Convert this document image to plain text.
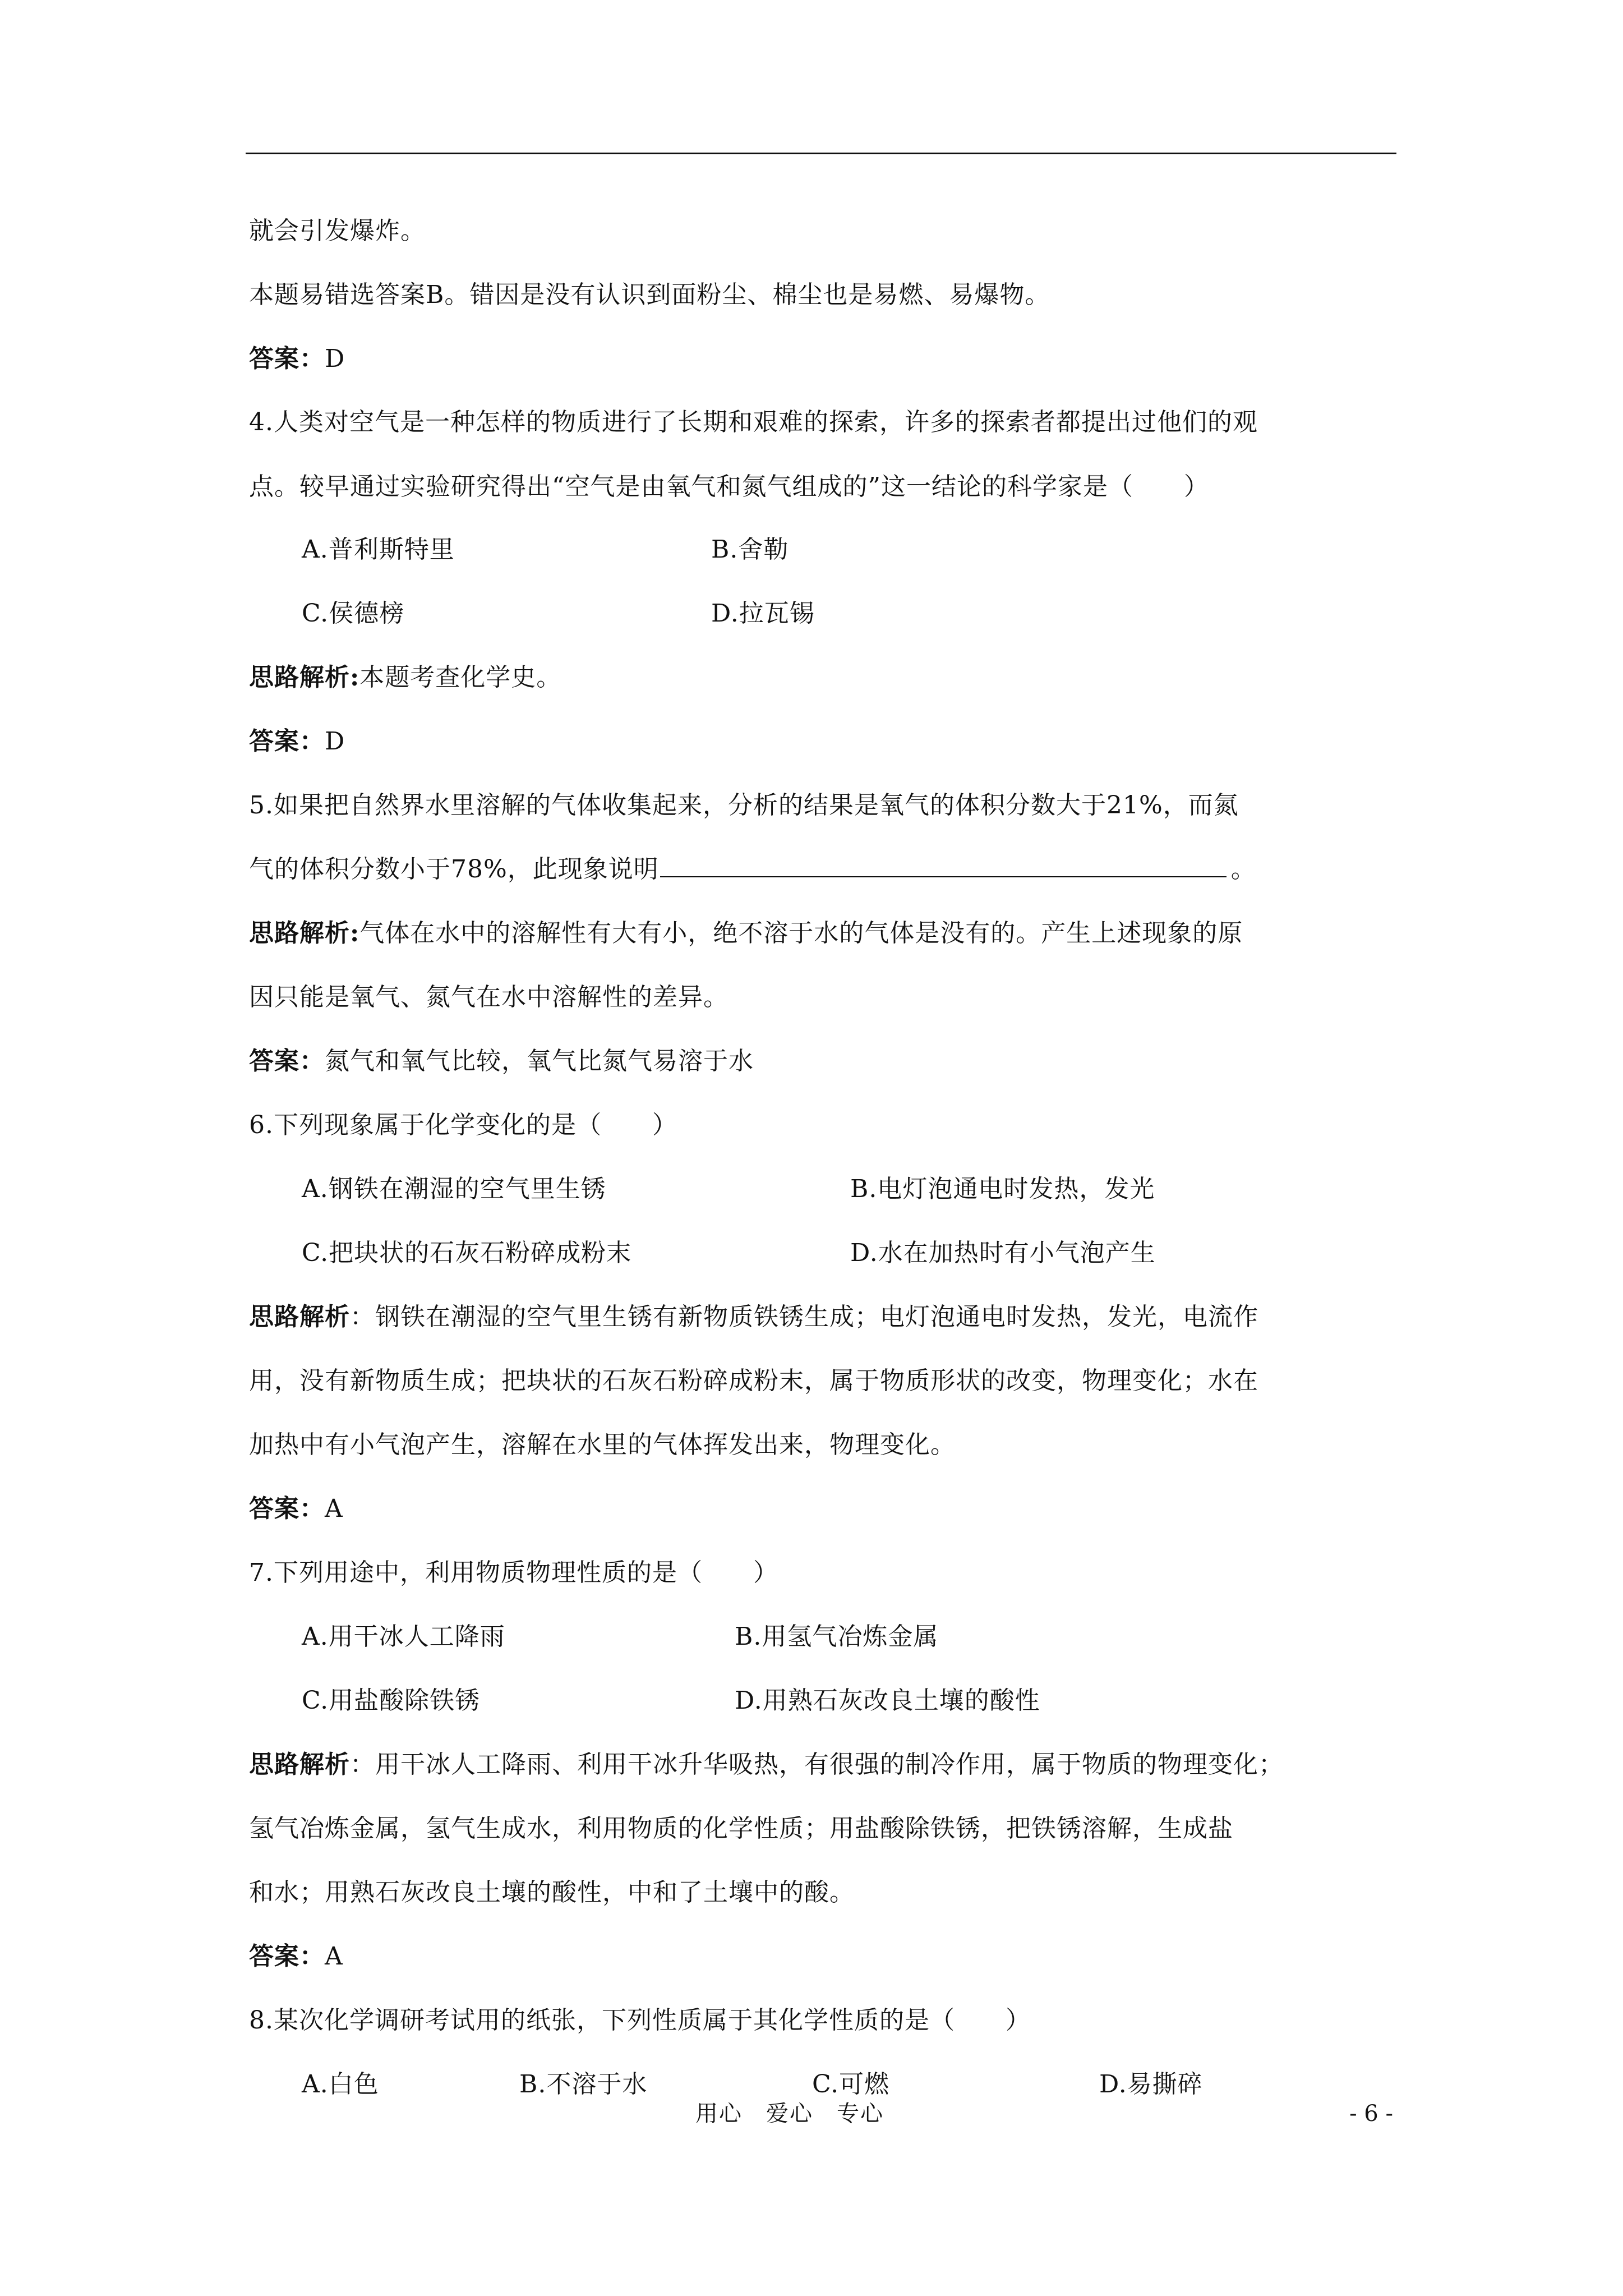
就会引发爆炸。
本题易错选答案B。错因是没有认识到面粉尘、棉尘也是易燃、易爆物。
答案：D
4.人类对空气是一种怎样的物质进行了长期和艰难的探索，许多的探索者都提出过他们的观
点。较早通过实验研究得出“空气是由氧气和氮气组成的”这一结论的科学家是（　　）
A.普利斯特里	B.舍勒
C.侯德榜	D.拉瓦锡
思路解析:本题考查化学史。
答案：D
5.如果把自然界水里溶解的气体收集起来，分析的结果是氧气的体积分数大于21%，而氮
气的体积分数小于78%，此现象说明	。
思路解析:气体在水中的溶解性有大有小，绝不溶于水的气体是没有的。产生上述现象的原
因只能是氧气、氮气在水中溶解性的差异。
答案：氮气和氧气比较，氧气比氮气易溶于水
6.下列现象属于化学变化的是（　　）
A.钢铁在潮湿的空气里生锈	B.电灯泡通电时发热，发光
C.把块状的石灰石粉碎成粉末	D.水在加热时有小气泡产生
思路解析：钢铁在潮湿的空气里生锈有新物质铁锈生成；电灯泡通电时发热，发光，电流作
用，没有新物质生成；把块状的石灰石粉碎成粉末，属于物质形状的改变，物理变化；水在
加热中有小气泡产生，溶解在水里的气体挥发出来，物理变化。
答案：A
7.下列用途中，利用物质物理性质的是（　　）
A.用干冰人工降雨	B.用氢气冶炼金属
C.用盐酸除铁锈	D.用熟石灰改良土壤的酸性
思路解析：用干冰人工降雨、利用干冰升华吸热，有很强的制冷作用，属于物质的物理变化；
氢气冶炼金属，氢气生成水，利用物质的化学性质；用盐酸除铁锈，把铁锈溶解，生成盐
和水；用熟石灰改良土壤的酸性，中和了土壤中的酸。
答案：A
8.某次化学调研考试用的纸张，下列性质属于其化学性质的是（　　）
A.白色	B.不溶于水	C.可燃	D.易撕碎
用心　爱心　专心	- 6 -
